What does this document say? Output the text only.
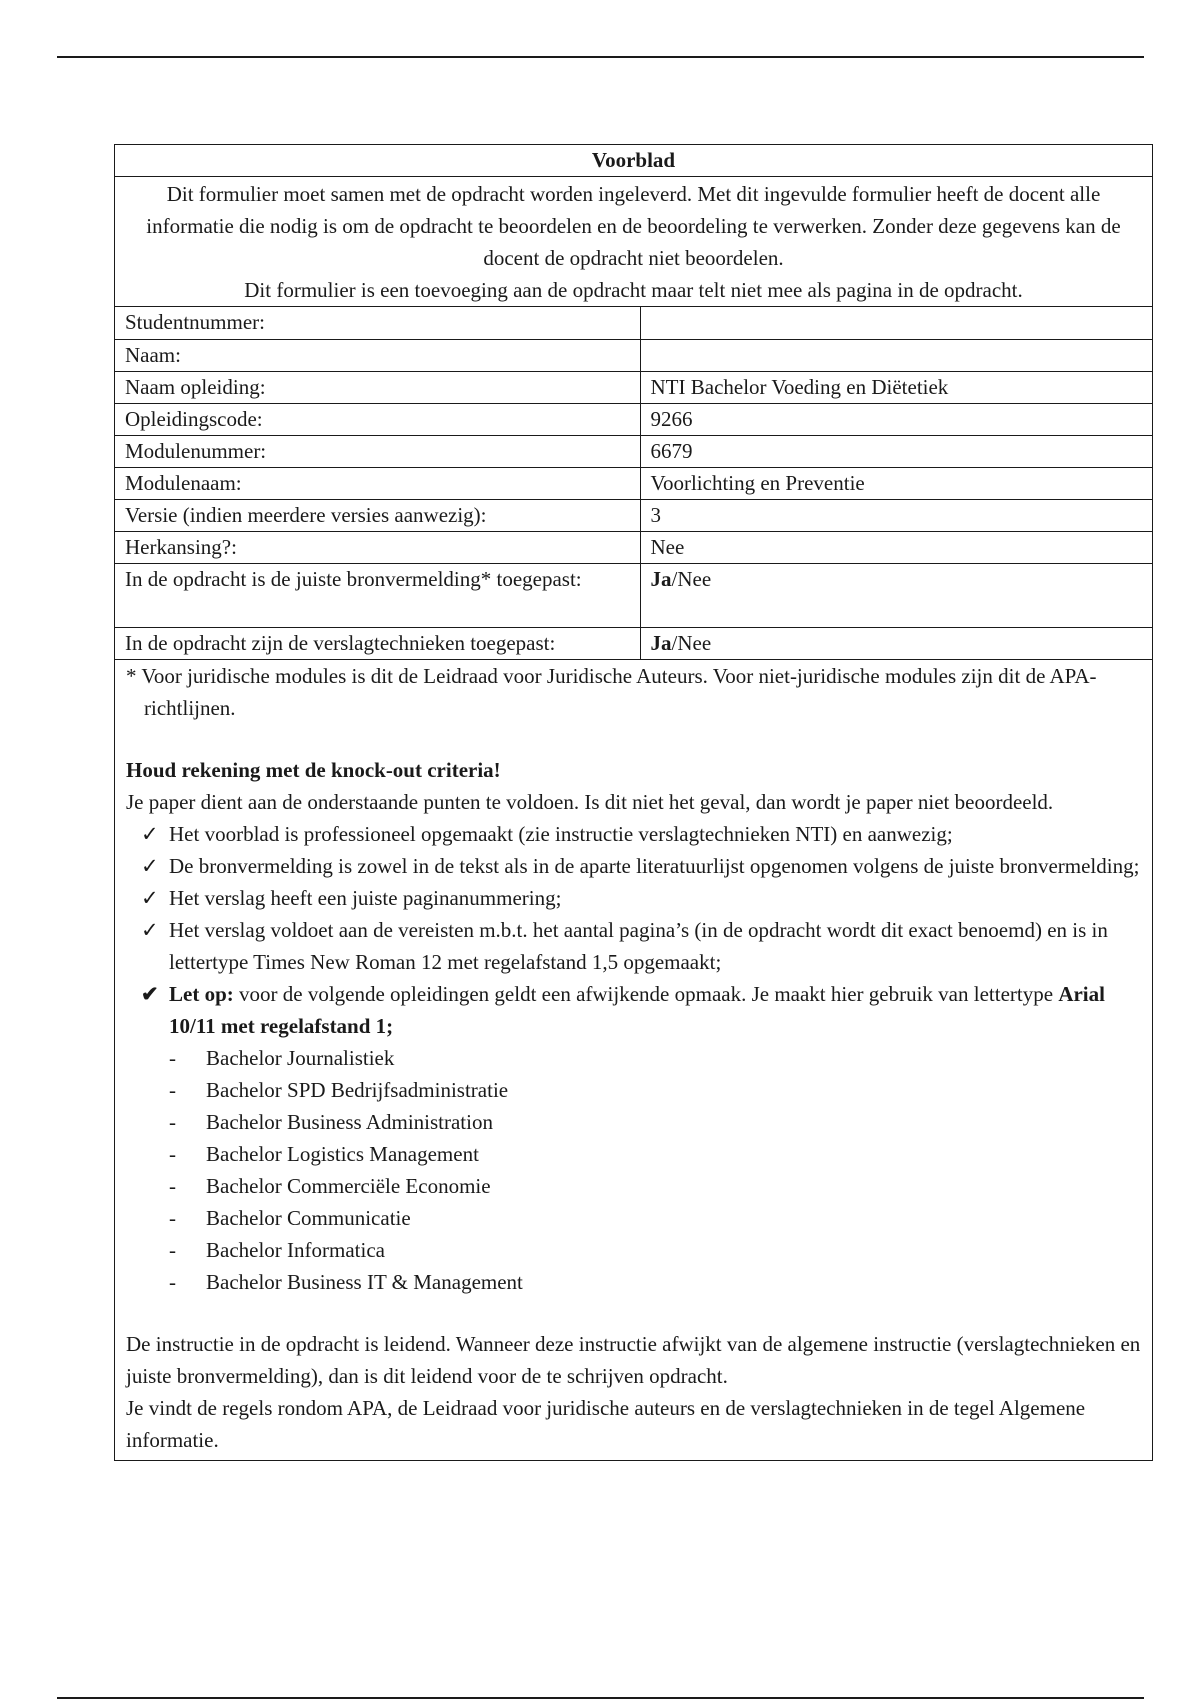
Voorblad

Dit formulier moet samen met de opdracht worden ingeleverd. Met dit ingevulde formulier heeft de docent alle informatie die nodig is om de opdracht te beoordelen en de beoordeling te verwerken. Zonder deze gegevens kan de docent de opdracht niet beoordelen.

Dit formulier is een toevoeging aan de opdracht maar telt niet mee als pagina in de opdracht.

Studentnummer:	
Naam:	
Naam opleiding:	NTI Bachelor Voeding en Diëtetiek
Opleidingscode:	9266
Modulenummer:	6679
Modulenaam:	Voorlichting en Preventie
Versie (indien meerdere versies aanwezig):	3
Herkansing?:	Nee
In de opdracht is de juiste bronvermelding* toegepast:	Ja/Nee
In de opdracht zijn de verslagtechnieken toegepast:	Ja/Nee

* Voor juridische modules is dit de Leidraad voor Juridische Auteurs. Voor niet-juridische modules zijn dit de APA-richtlijnen.

Houd rekening met de knock-out criteria!

Je paper dient aan de onderstaande punten te voldoen. Is dit niet het geval, dan wordt je paper niet beoordeeld.

✓ Het voorblad is professioneel opgemaakt (zie instructie verslagtechnieken NTI) en aanwezig;
✓ De bronvermelding is zowel in de tekst als in de aparte literatuurlijst opgenomen volgens de juiste bronvermelding;
✓ Het verslag heeft een juiste paginanummering;
✓ Het verslag voldoet aan de vereisten m.b.t. het aantal pagina’s (in de opdracht wordt dit exact benoemd) en is in lettertype Times New Roman 12 met regelafstand 1,5 opgemaakt;
✔ Let op: voor de volgende opleidingen geldt een afwijkende opmaak. Je maakt hier gebruik van lettertype Arial 10/11 met regelafstand 1;
- Bachelor Journalistiek
- Bachelor SPD Bedrijfsadministratie
- Bachelor Business Administration
- Bachelor Logistics Management
- Bachelor Commerciële Economie
- Bachelor Communicatie
- Bachelor Informatica
- Bachelor Business IT & Management

De instructie in de opdracht is leidend. Wanneer deze instructie afwijkt van de algemene instructie (verslagtechnieken en juiste bronvermelding), dan is dit leidend voor de te schrijven opdracht.

Je vindt de regels rondom APA, de Leidraad voor juridische auteurs en de verslagtechnieken in de tegel Algemene informatie.
